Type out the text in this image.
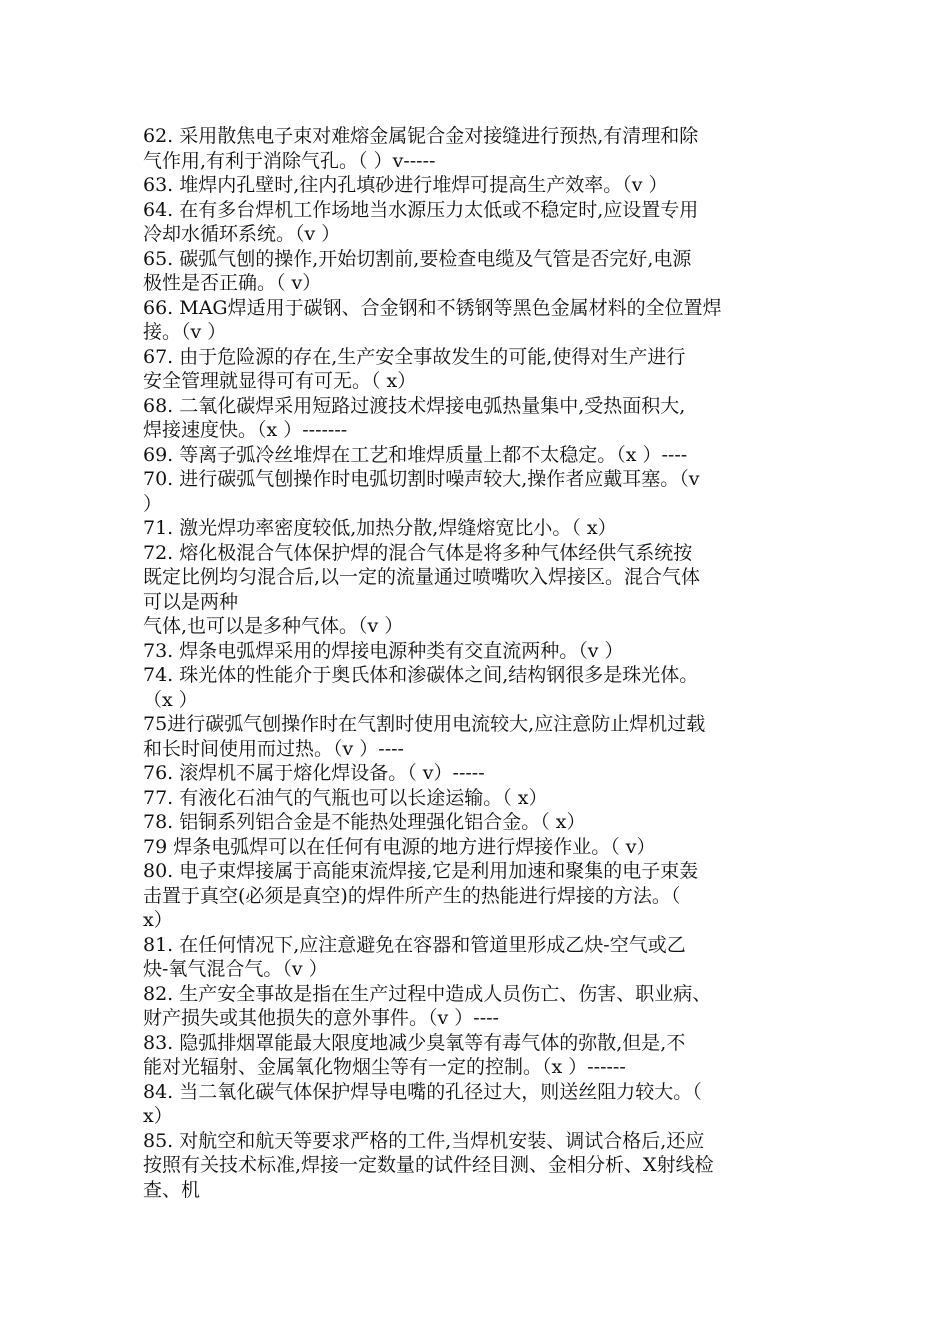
62. 采用散焦电子束对难熔金属铌合金对接缝进行预热,有清理和除
气作用,有利于消除气孔。（ ）v-----
63. 堆焊内孔壁时,往内孔填砂进行堆焊可提高生产效率。（v ）
64. 在有多台焊机工作场地当水源压力太低或不稳定时,应设置专用
冷却水循环系统。（v ）
65. 碳弧气刨的操作,开始切割前,要检查电缆及气管是否完好,电源
极性是否正确。（ v）
66. MAG焊适用于碳钢、合金钢和不锈钢等黑色金属材料的全位置焊
接。（v ）
67. 由于危险源的存在,生产安全事故发生的可能,使得对生产进行
安全管理就显得可有可无。（ x）
68. 二氧化碳焊采用短路过渡技术焊接电弧热量集中,受热面积大,
焊接速度快。（x ）-------
69. 等离子弧冷丝堆焊在工艺和堆焊质量上都不太稳定。（x ）----
70. 进行碳弧气刨操作时电弧切割时噪声较大,操作者应戴耳塞。（v
）
71. 激光焊功率密度较低,加热分散,焊缝熔宽比小。（ x）
72. 熔化极混合气体保护焊的混合气体是将多种气体经供气系统按
既定比例均匀混合后,以一定的流量通过喷嘴吹入焊接区。混合气体
可以是两种
气体,也可以是多种气体。（v ）
73. 焊条电弧焊采用的焊接电源种类有交直流两种。（v ）
74. 珠光体的性能介于奥氏体和渗碳体之间,结构钢很多是珠光体。
（x ）
75进行碳弧气刨操作时在气割时使用电流较大,应注意防止焊机过载
和长时间使用而过热。（v ）----
76. 滚焊机不属于熔化焊设备。（ v）-----
77. 有液化石油气的气瓶也可以长途运输。（ x）
78. 铝铜系列铝合金是不能热处理强化铝合金。（ x）
79 焊条电弧焊可以在任何有电源的地方进行焊接作业。（ v）
80. 电子束焊接属于高能束流焊接,它是利用加速和聚集的电子束轰
击置于真空(必须是真空)的焊件所产生的热能进行焊接的方法。（
x）
81. 在任何情况下,应注意避免在容器和管道里形成乙炔-空气或乙
炔-氧气混合气。（v ）
82. 生产安全事故是指在生产过程中造成人员伤亡、伤害、职业病、
财产损失或其他损失的意外事件。（v ）----
83. 隐弧排烟罩能最大限度地减少臭氧等有毒气体的弥散,但是,不
能对光辐射、金属氧化物烟尘等有一定的控制。（x ）------
84. 当二氧化碳气体保护焊导电嘴的孔径过大，则送丝阻力较大。（
x）
85. 对航空和航天等要求严格的工件,当焊机安装、调试合格后,还应
按照有关技术标准,焊接一定数量的试件经目测、金相分析、X射线检
查、机
